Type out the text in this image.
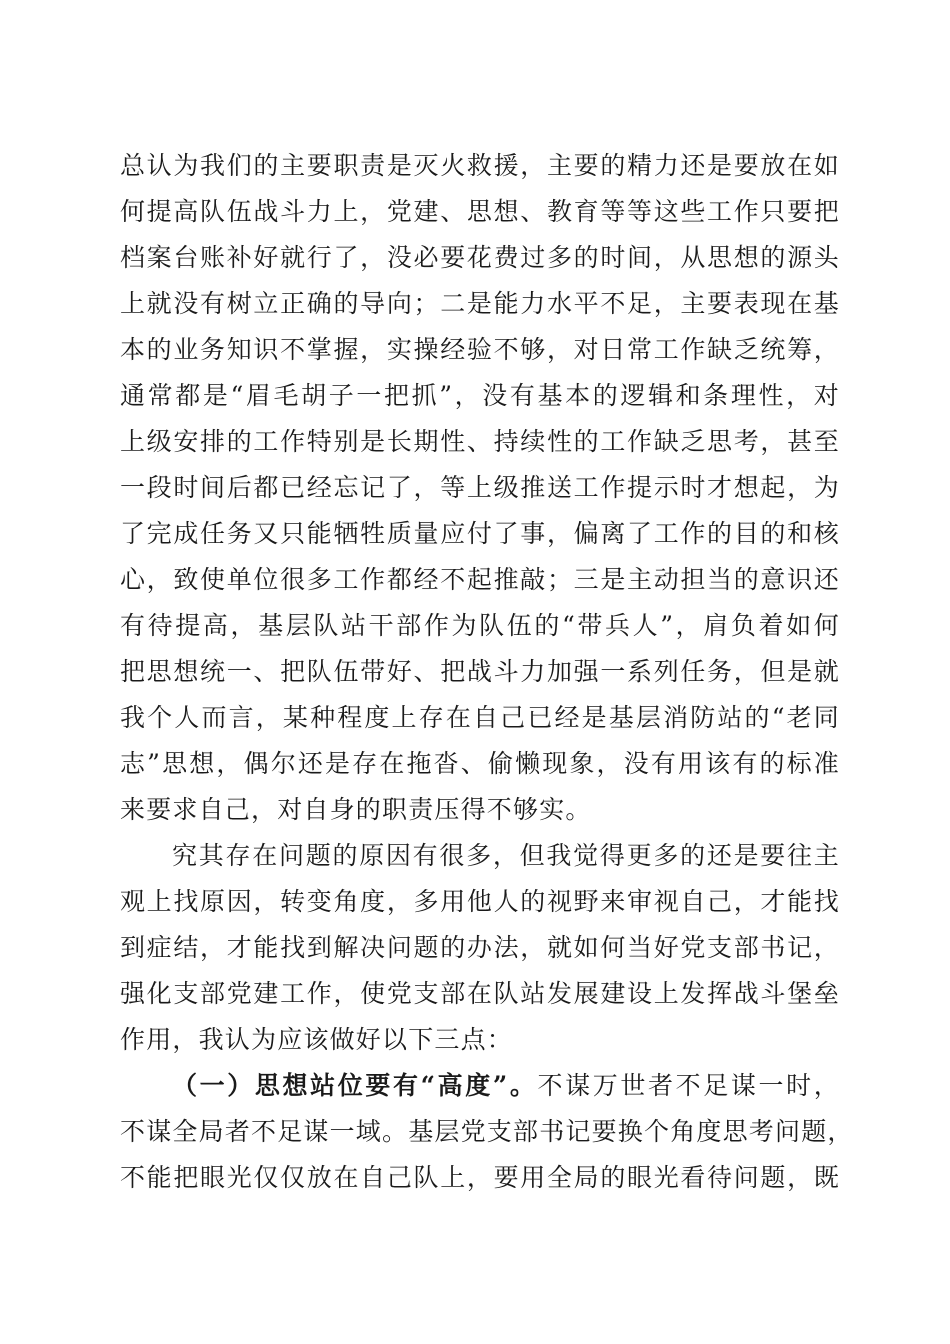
总认为我们的主要职责是灭火救援，主要的精力还是要放在如
何提高队伍战斗力上，党建、思想、教育等等这些工作只要把
档案台账补好就行了，没必要花费过多的时间，从思想的源头
上就没有树立正确的导向；二是能力水平不足，主要表现在基
本的业务知识不掌握，实操经验不够，对日常工作缺乏统筹，
通常都是“眉毛胡子一把抓”，没有基本的逻辑和条理性，对
上级安排的工作特别是长期性、持续性的工作缺乏思考，甚至
一段时间后都已经忘记了，等上级推送工作提示时才想起，为
了完成任务又只能牺牲质量应付了事，偏离了工作的目的和核
心，致使单位很多工作都经不起推敲；三是主动担当的意识还
有待提高，基层队站干部作为队伍的“带兵人”，肩负着如何
把思想统一、把队伍带好、把战斗力加强一系列任务，但是就
我个人而言，某种程度上存在自己已经是基层消防站的“老同
志”思想，偶尔还是存在拖沓、偷懒现象，没有用该有的标准
来要求自己，对自身的职责压得不够实。
究其存在问题的原因有很多，但我觉得更多的还是要往主
观上找原因，转变角度，多用他人的视野来审视自己，才能找
到症结，才能找到解决问题的办法，就如何当好党支部书记，
强化支部党建工作，使党支部在队站发展建设上发挥战斗堡垒
作用，我认为应该做好以下三点：
（一）思想站位要有“高度”。不谋万世者不足谋一时，
不谋全局者不足谋一域。基层党支部书记要换个角度思考问题，
不能把眼光仅仅放在自己队上，要用全局的眼光看待问题，既
